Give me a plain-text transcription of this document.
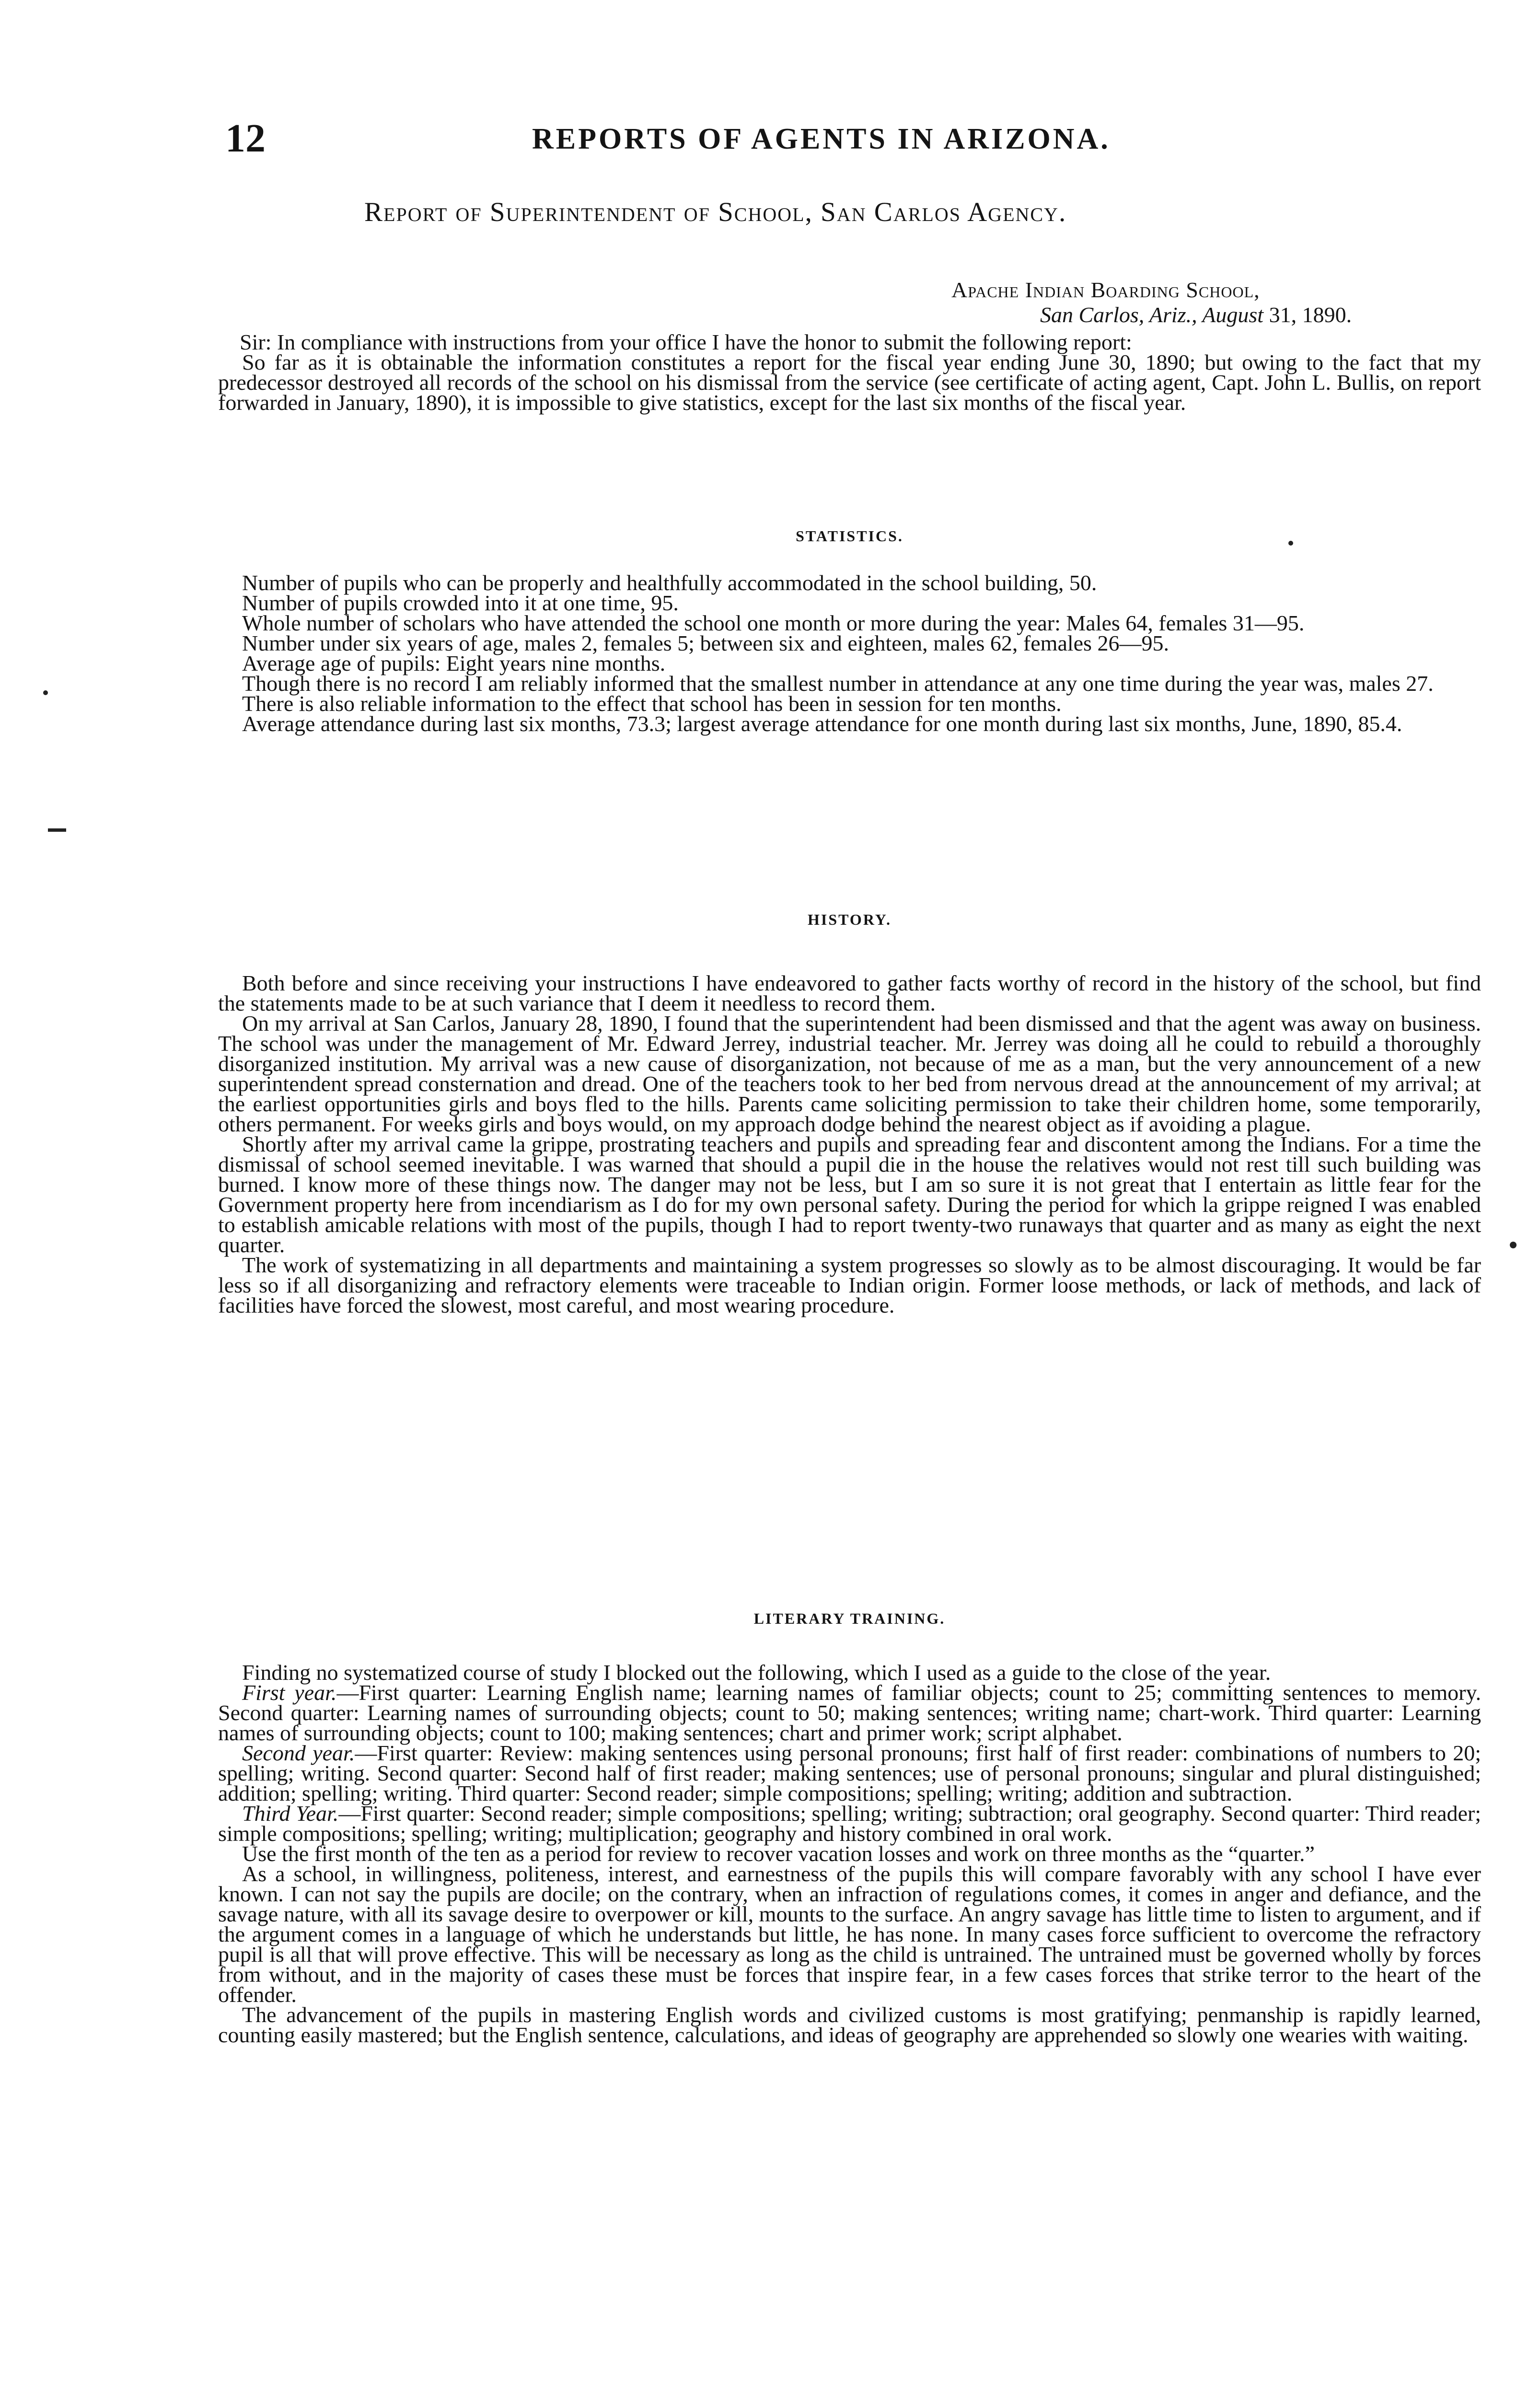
12	REPORTS OF AGENTS IN ARIZONA.
Report of Superintendent of School, San Carlos Agency.
Apache Indian Boarding School,
San Carlos, Ariz., August 31, 1890.

Sir: In compliance with instructions from your office I have the honor to submit the following report:

So far as it is obtainable the information constitutes a report for the fiscal year ending June 30, 1890; but owing to the fact that my predecessor destroyed all records of the school on his dismissal from the service (see certificate of acting agent, Capt. John L. Bullis, on report forwarded in January, 1890), it is impossible to give statistics, except for the last six months of the fiscal year.

STATISTICS.

Number of pupils who can be properly and healthfully accommodated in the school building, 50.

Number of pupils crowded into it at one time, 95.

Whole number of scholars who have attended the school one month or more during the year: Males 64, females 31—95.

Number under six years of age, males 2, females 5; between six and eighteen, males 62, females 26—95.

Average age of pupils: Eight years nine months.

Though there is no record I am reliably informed that the smallest number in attendance at any one time during the year was, males 27.

There is also reliable information to the effect that school has been in session for ten months.

Average attendance during last six months, 73.3; largest average attendance for one month during last six months, June, 1890, 85.4.

HISTORY.

Both before and since receiving your instructions I have endeavored to gather facts worthy of record in the history of the school, but find the statements made to be at such variance that I deem it needless to record them.

On my arrival at San Carlos, January 28, 1890, I found that the superintendent had been dismissed and that the agent was away on business. The school was under the management of Mr. Edward Jerrey, industrial teacher. Mr. Jerrey was doing all he could to rebuild a thoroughly disorganized institution. My arrival was a new cause of disorganization, not because of me as a man, but the very announcement of a new superintendent spread consternation and dread. One of the teachers took to her bed from nervous dread at the announcement of my arrival; at the earliest opportunities girls and boys fled to the hills. Parents came soliciting permission to take their children home, some temporarily, others permanent. For weeks girls and boys would, on my approach dodge behind the nearest object as if avoiding a plague.

Shortly after my arrival came la grippe, prostrating teachers and pupils and spreading fear and discontent among the Indians. For a time the dismissal of school seemed inevitable. I was warned that should a pupil die in the house the relatives would not rest till such building was burned. I know more of these things now. The danger may not be less, but I am so sure it is not great that I entertain as little fear for the Government property here from incendiarism as I do for my own personal safety. During the period for which la grippe reigned I was enabled to establish amicable relations with most of the pupils, though I had to report twenty-two runaways that quarter and as many as eight the next quarter.

The work of systematizing in all departments and maintaining a system progresses so slowly as to be almost discouraging. It would be far less so if all disorganizing and refractory elements were traceable to Indian origin. Former loose methods, or lack of methods, and lack of facilities have forced the slowest, most careful, and most wearing procedure.

LITERARY TRAINING.

Finding no systematized course of study I blocked out the following, which I used as a guide to the close of the year.

First year.—First quarter: Learning English name; learning names of familiar objects; count to 25; committing sentences to memory. Second quarter: Learning names of surrounding objects; count to 50; making sentences; writing name; chart-work. Third quarter: Learning names of surrounding objects; count to 100; making sentences; chart and primer work; script alphabet.

Second year.—First quarter: Review: making sentences using personal pronouns; first half of first reader: combinations of numbers to 20; spelling; writing. Second quarter: Second half of first reader; making sentences; use of personal pronouns; singular and plural distinguished; addition; spelling; writing. Third quarter: Second reader; simple compositions; spelling; writing; addition and subtraction.

Third Year.—First quarter: Second reader; simple compositions; spelling; writing; subtraction; oral geography. Second quarter: Third reader; simple compositions; spelling; writing; multiplication; geography and history combined in oral work.

Use the first month of the ten as a period for review to recover vacation losses and work on three months as the “quarter.”

As a school, in willingness, politeness, interest, and earnestness of the pupils this will compare favorably with any school I have ever known. I can not say the pupils are docile; on the contrary, when an infraction of regulations comes, it comes in anger and defiance, and the savage nature, with all its savage desire to overpower or kill, mounts to the surface. An angry savage has little time to listen to argument, and if the argument comes in a language of which he understands but little, he has none. In many cases force sufficient to overcome the refractory pupil is all that will prove effective. This will be necessary as long as the child is untrained. The untrained must be governed wholly by forces from without, and in the majority of cases these must be forces that inspire fear, in a few cases forces that strike terror to the heart of the offender.

The advancement of the pupils in mastering English words and civilized customs is most gratifying; penmanship is rapidly learned, counting easily mastered; but the English sentence, calculations, and ideas of geography are apprehended so slowly one wearies with waiting.
